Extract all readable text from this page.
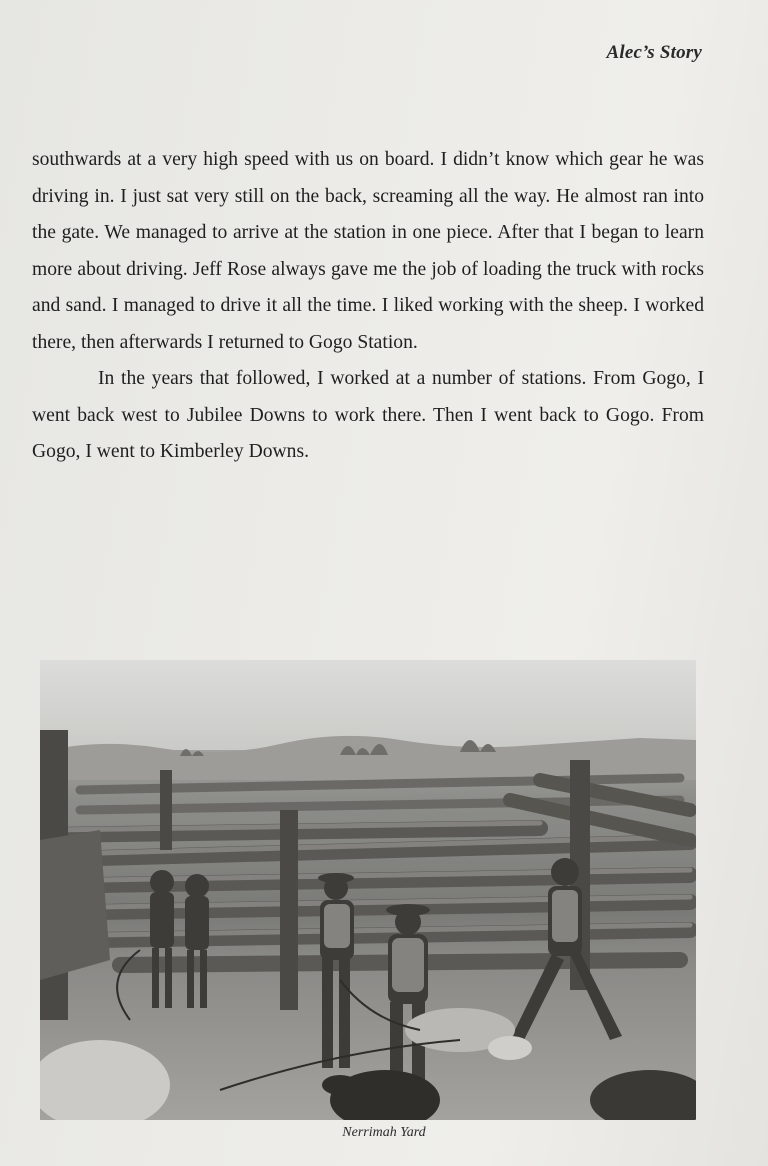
Alec’s Story

southwards at a very high speed with us on board. I didn’t know which gear he was driving in. I just sat very still on the back, screaming all the way. He almost ran into the gate. We managed to arrive at the station in one piece. After that I began to learn more about driving. Jeff Rose always gave me the job of loading the truck with rocks and sand. I managed to drive it all the time. I liked working with the sheep. I worked there, then afterwards I returned to Gogo Station.

In the years that followed, I worked at a number of stations. From Gogo, I went back west to Jubilee Downs to work there. Then I went back to Gogo. From Gogo, I went to Kimberley Downs.

Nerrimah Yard
